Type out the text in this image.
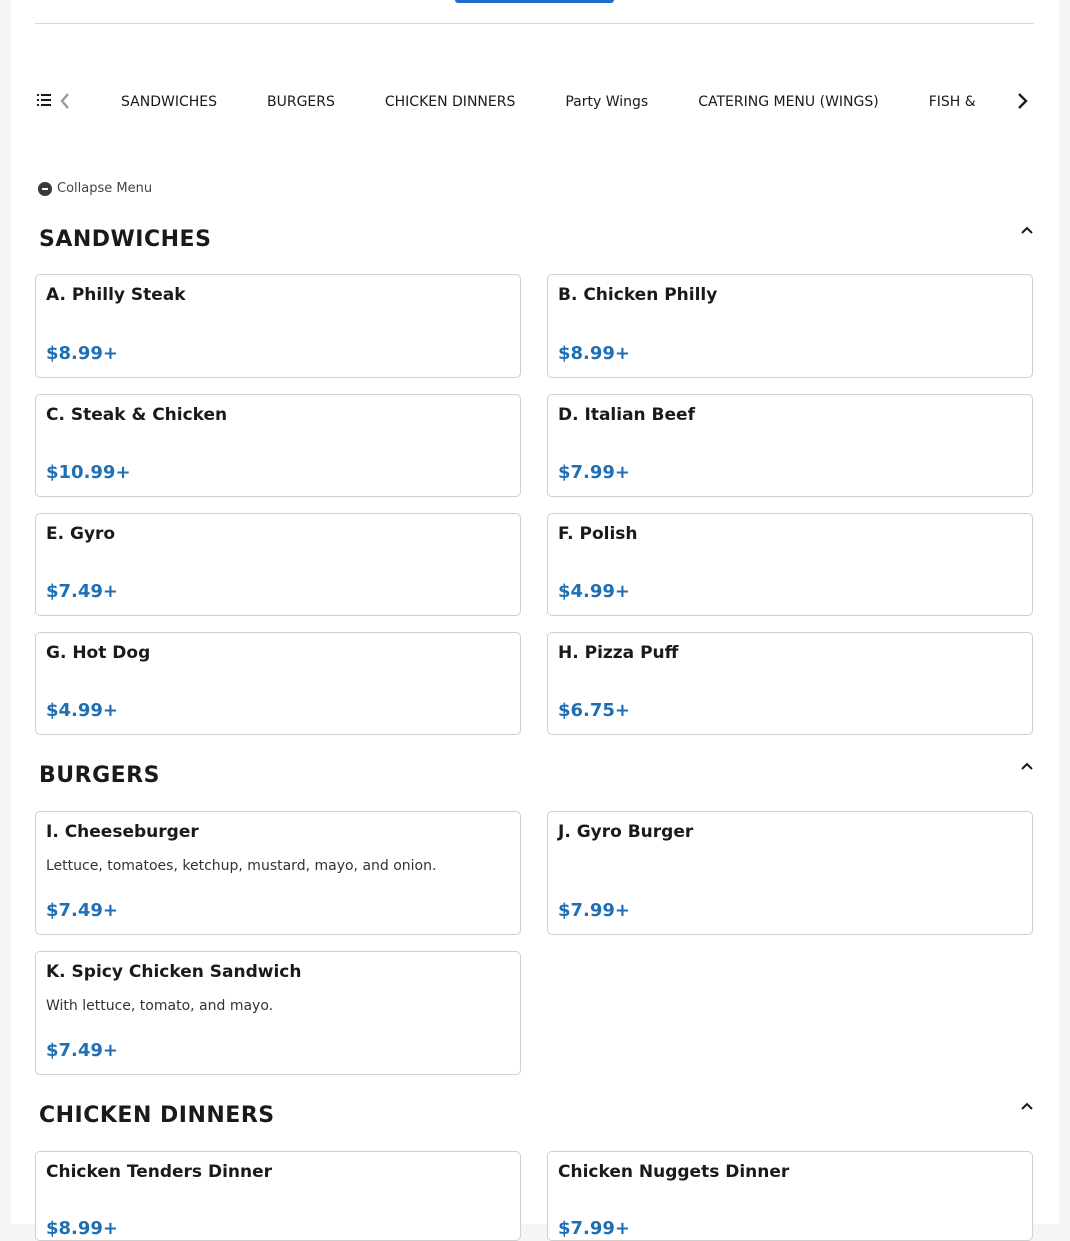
SANDWICHES	BURGERS	CHICKEN DINNERS	Party Wings	CATERING MENU (WINGS)	FISH &
Collapse Menu
SANDWICHES
A. Philly Steak
$8.99+
B. Chicken Philly
$8.99+
C. Steak & Chicken
$10.99+
D. Italian Beef
$7.99+
E. Gyro
$7.49+
F. Polish
$4.99+
G. Hot Dog
$4.99+
H. Pizza Puff
$6.75+
BURGERS
I. Cheeseburger
Lettuce, tomatoes, ketchup, mustard, mayo, and onion.
$7.49+
J. Gyro Burger
$7.99+
K. Spicy Chicken Sandwich
With lettuce, tomato, and mayo.
$7.49+
CHICKEN DINNERS
Chicken Tenders Dinner
$8.99+
Chicken Nuggets Dinner
$7.99+
